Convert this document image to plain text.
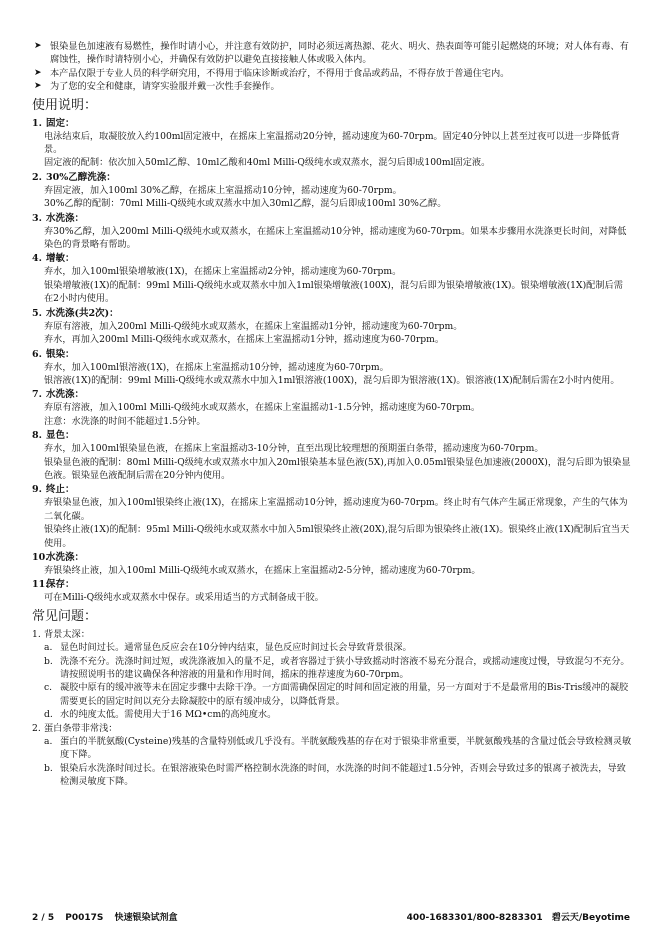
➤ 银染显色加速液有易燃性，操作时请小心，并注意有效防护，同时必须远离热源、花火、明火、热表面等可能引起燃烧的环境；对人体有毒、有腐蚀性，操作时请特别小心，并确保有效防护以避免直接接触人体或吸入体内。
➤ 本产品仅限于专业人员的科学研究用，不得用于临床诊断或治疗，不得用于食品或药品，不得存放于普通住宅内。
➤ 为了您的安全和健康，请穿实验服并戴一次性手套操作。
使用说明：
1. 固定：

电泳结束后，取凝胶放入约100ml固定液中，在摇床上室温摇动20分钟，摇动速度为60-70rpm。固定40分钟以上甚至过夜可以进一步降低背景。

固定液的配制：依次加入50ml乙醇、10ml乙酸和40ml Milli-Q级纯水或双蒸水，混匀后即成100ml固定液。

2. 30%乙醇洗涤：

弃固定液，加入100ml 30%乙醇，在摇床上室温摇动10分钟，摇动速度为60-70rpm。

30%乙醇的配制：70ml Milli-Q级纯水或双蒸水中加入30ml乙醇，混匀后即成100ml 30%乙醇。

3. 水洗涤：

弃30%乙醇，加入200ml Milli-Q级纯水或双蒸水，在摇床上室温摇动10分钟，摇动速度为60-70rpm。如果本步骤用水洗涤更长时间，对降低染色的背景略有帮助。

4. 增敏：

弃水，加入100ml银染增敏液(1X)，在摇床上室温摇动2分钟，摇动速度为60-70rpm。

银染增敏液(1X)的配制：99ml Milli-Q级纯水或双蒸水中加入1ml银染增敏液(100X)，混匀后即为银染增敏液(1X)。银染增敏液(1X)配制后需在2小时内使用。

5. 水洗涤(共2次)：

弃原有溶液，加入200ml Milli-Q级纯水或双蒸水，在摇床上室温摇动1分钟，摇动速度为60-70rpm。

弃水，再加入200ml Milli-Q级纯水或双蒸水，在摇床上室温摇动1分钟，摇动速度为60-70rpm。

6. 银染：

弃水，加入100ml银溶液(1X)，在摇床上室温摇动10分钟，摇动速度为60-70rpm。

银溶液(1X)的配制：99ml Milli-Q级纯水或双蒸水中加入1ml银溶液(100X)，混匀后即为银溶液(1X)。银溶液(1X)配制后需在2小时内使用。

7. 水洗涤：

弃原有溶液，加入100ml Milli-Q级纯水或双蒸水，在摇床上室温摇动1-1.5分钟，摇动速度为60-70rpm。

注意：水洗涤的时间不能超过1.5分钟。

8. 显色：

弃水，加入100ml银染显色液，在摇床上室温摇动3-10分钟，直至出现比较理想的预期蛋白条带，摇动速度为60-70rpm。

银染显色液的配制：80ml Milli-Q级纯水或双蒸水中加入20ml银染基本显色液(5X),再加入0.05ml银染显色加速液(2000X)，混匀后即为银染显色液。银染显色液配制后需在20分钟内使用。

9. 终止：

弃银染显色液，加入100ml银染终止液(1X)，在摇床上室温摇动10分钟，摇动速度为60-70rpm。终止时有气体产生属正常现象，产生的气体为二氧化碳。

银染终止液(1X)的配制：95ml Milli-Q级纯水或双蒸水中加入5ml银染终止液(20X),混匀后即为银染终止液(1X)。银染终止液(1X)配制后宜当天使用。

10.水洗涤：

弃银染终止液，加入100ml Milli-Q级纯水或双蒸水，在摇床上室温摇动2-5分钟，摇动速度为60-70rpm。

11.保存：

可在Milli-Q级纯水或双蒸水中保存。或采用适当的方式制备成干胶。

常见问题：

1. 背景太深：

a. 显色时间过长。通常显色反应会在10分钟内结束，显色反应时间过长会导致背景很深。

b. 洗涤不充分。洗涤时间过短，或洗涤液加入的量不足，或者容器过于狭小导致摇动时溶液不易充分混合，或摇动速度过慢，导致混匀不充分。请按照说明书的建议确保各种溶液的用量和作用时间，摇床的推荐速度为60-70rpm。

c. 凝胶中原有的缓冲液等未在固定步骤中去除干净。一方面需确保固定的时间和固定液的用量，另一方面对于不是最常用的Bis-Tris缓冲的凝胶需要更长的固定时间以充分去除凝胶中的原有缓冲成分，以降低背景。

d. 水的纯度太低。需使用大于16 MΩ•cm的高纯度水。

2. 蛋白条带非常浅：

a. 蛋白的半胱氨酸(Cysteine)残基的含量特别低或几乎没有。半胱氨酸残基的存在对于银染非常重要，半胱氨酸残基的含量过低会导致检测灵敏度下降。

b. 银染后水洗涤时间过长。在银溶液染色时需严格控制水洗涤的时间，水洗涤的时间不能超过1.5分钟，否则会导致过多的银离子被洗去，导致检测灵敏度下降。

2 / 5 P0017S 快速银染试剂盒	400-1683301/800-8283301 碧云天/Beyotime
